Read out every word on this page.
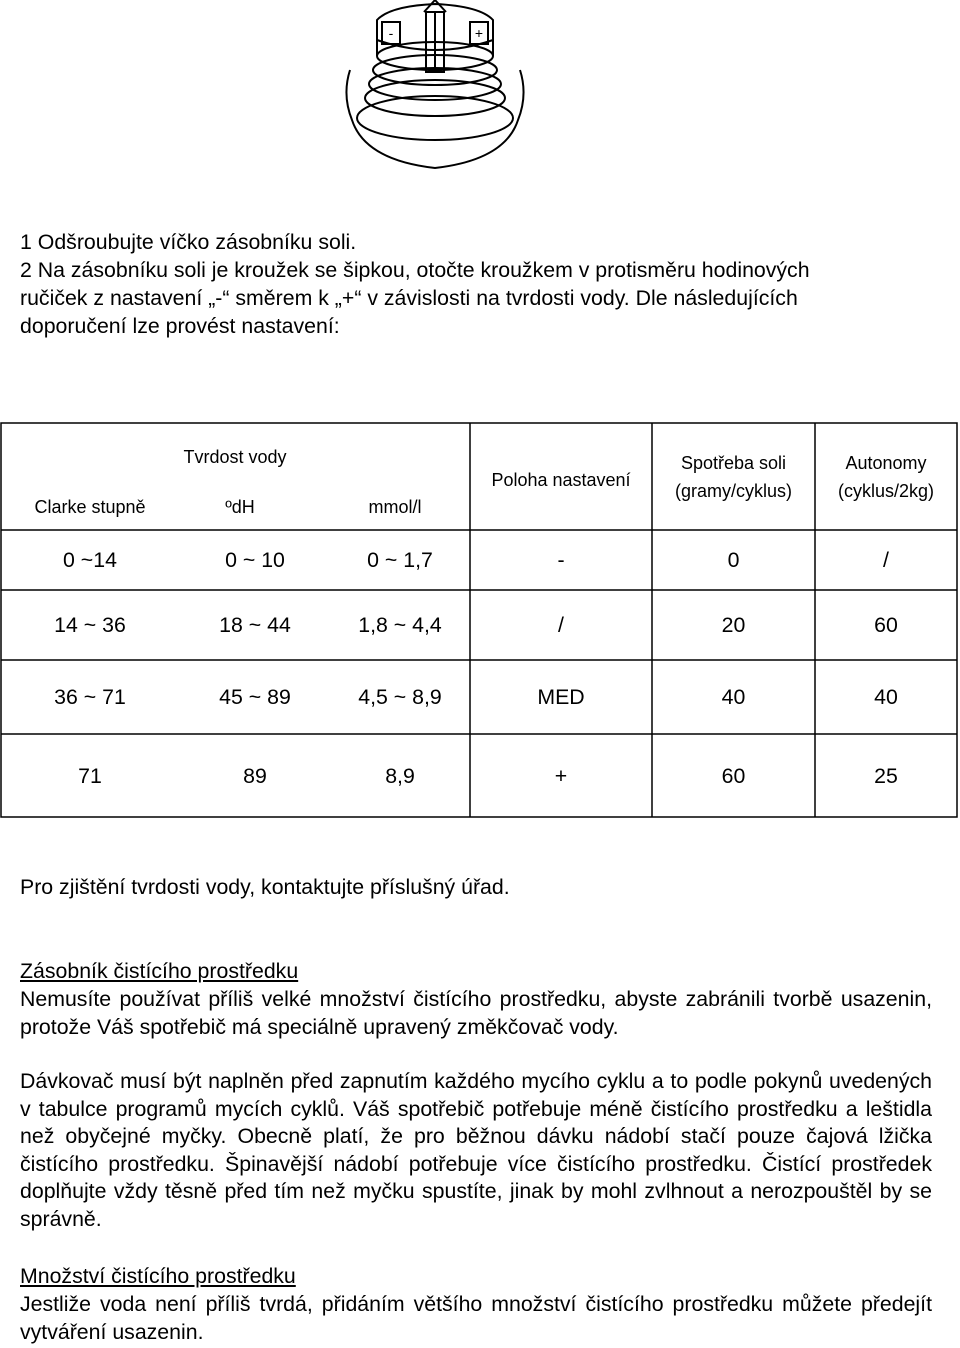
-	+

1 Odšroubujte víčko zásobníku soli.

2 Na zásobníku soli je kroužek se šipkou, otočte kroužkem v protisměru hodinových

ručiček z nastavení „-“ směrem k „+“ v závislosti na tvrdosti vody. Dle následujících

doporučení lze provést nastavení:

Tvrdost vody
Clarke stupně	ºdH	mmol/l
Poloha nastavení
Spotřeba soli
(gramy/cyklus)
Autonomy
(cyklus/2kg)
0 ~14	0 ~ 10	0 ~ 1,7	-	0	/
14 ~ 36	18 ~ 44	1,8 ~ 4,4	/	20	60
36 ~ 71	45 ~ 89	4,5 ~ 8,9	MED	40	40
71	89	8,9	+	60	25

Pro zjištění tvrdosti vody, kontaktujte příslušný úřad.

Zásobník čistícího prostředku

Nemusíte používat příliš velké množství čistícího prostředku, abyste zabránili tvorbě usazenin, protože Váš spotřebič má speciálně upravený změkčovač vody.

Dávkovač musí být naplněn před zapnutím každého mycího cyklu a to podle pokynů uvedených v tabulce programů mycích cyklů. Váš spotřebič potřebuje méně čistícího prostředku a leštidla než obyčejné myčky. Obecně platí, že pro běžnou dávku nádobí stačí pouze čajová lžička čistícího prostředku. Špinavější nádobí potřebuje více čistícího prostředku. Čistící prostředek doplňujte vždy těsně před tím než myčku spustíte, jinak by mohl zvlhnout a nerozpouštěl by se správně.

Množství čistícího prostředku

Jestliže voda není příliš tvrdá, přidáním většího množství čistícího prostředku můžete předejít vytváření usazenin.
